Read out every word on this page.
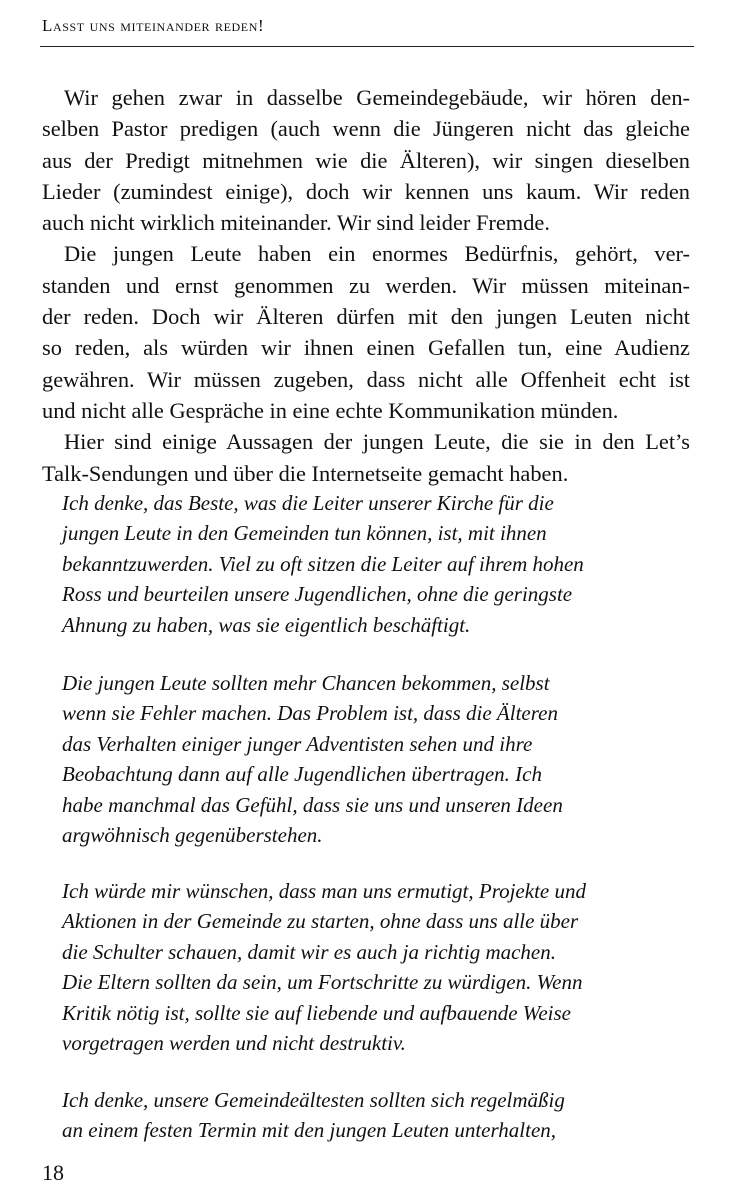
Lasst uns miteinander reden!

Wir gehen zwar in dasselbe Gemeindegebäude, wir hören den-
selben Pastor predigen (auch wenn die Jüngeren nicht das gleiche
aus der Predigt mitnehmen wie die Älteren), wir singen dieselben
Lieder (zumindest einige), doch wir kennen uns kaum. Wir reden
auch nicht wirklich miteinander. Wir sind leider Fremde.

Die jungen Leute haben ein enormes Bedürfnis, gehört, ver-
standen und ernst genommen zu werden. Wir müssen miteinan-
der reden. Doch wir Älteren dürfen mit den jungen Leuten nicht
so reden, als würden wir ihnen einen Gefallen tun, eine Audienz
gewähren. Wir müssen zugeben, dass nicht alle Offenheit echt ist
und nicht alle Gespräche in eine echte Kommunikation münden.

Hier sind einige Aussagen der jungen Leute, die sie in den Let’s
Talk-Sendungen und über die Internetseite gemacht haben.

Ich denke, das Beste, was die Leiter unserer Kirche für die
jungen Leute in den Gemeinden tun können, ist, mit ihnen
bekanntzuwerden. Viel zu oft sitzen die Leiter auf ihrem hohen
Ross und beurteilen unsere Jugendlichen, ohne die geringste
Ahnung zu haben, was sie eigentlich beschäftigt.

Die jungen Leute sollten mehr Chancen bekommen, selbst
wenn sie Fehler machen. Das Problem ist, dass die Älteren
das Verhalten einiger junger Adventisten sehen und ihre
Beobachtung dann auf alle Jugendlichen übertragen. Ich
habe manchmal das Gefühl, dass sie uns und unseren Ideen
argwöhnisch gegenüberstehen.

Ich würde mir wünschen, dass man uns ermutigt, Projekte und
Aktionen in der Gemeinde zu starten, ohne dass uns alle über
die Schulter schauen, damit wir es auch ja richtig machen.
Die Eltern sollten da sein, um Fortschritte zu würdigen. Wenn
Kritik nötig ist, sollte sie auf liebende und aufbauende Weise
vorgetragen werden und nicht destruktiv.

Ich denke, unsere Gemeindeältesten sollten sich regelmäßig
an einem festen Termin mit den jungen Leuten unterhalten,

18
